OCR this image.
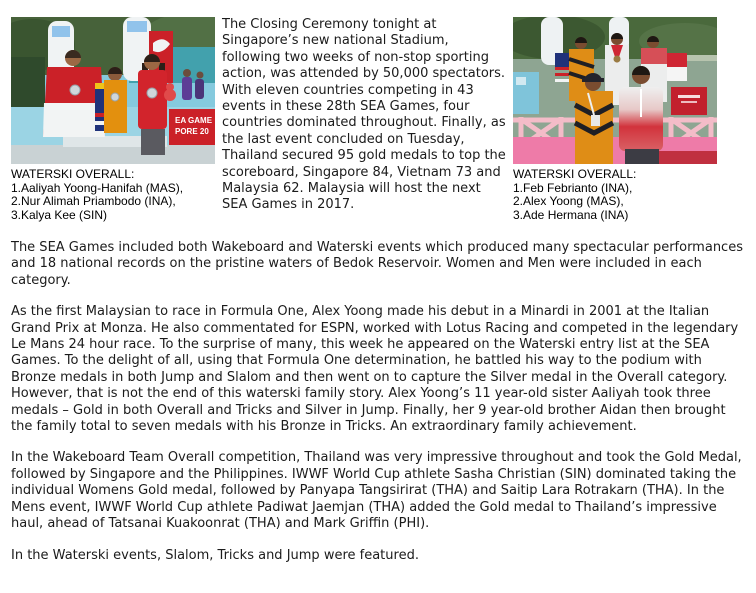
EA GAME
PORE 20
WATERSKI OVERALL:
1.Aaliyah Yoong-Hanifah (MAS),
2.Nur Alimah Priambodo (INA),
3.Kalya Kee (SIN)
The Closing Ceremony tonight at Singapore’s new national Stadium, following two weeks of non-stop sporting action, was attended by 50,000 spectators. With eleven countries competing in 43 events in these 28th SEA Games, four countries dominated throughout. Finally, as the last event concluded on Tuesday, Thailand secured 95 gold medals to top the scoreboard, Singapore 84, Vietnam 73 and Malaysia 62. Malaysia will host the next SEA Games in 2017.
WATERSKI OVERALL:
1.Feb Febrianto (INA),
2.Alex Yoong (MAS),
3.Ade Hermana (INA)

The SEA Games included both Wakeboard and Waterski events which produced many spectacular performances and 18 national records on the pristine waters of Bedok Reservoir. Women and Men were included in each category.

As the first Malaysian to race in Formula One, Alex Yoong made his debut in a Minardi in 2001 at the Italian Grand Prix at Monza. He also commentated for ESPN, worked with Lotus Racing and competed in the legendary Le Mans 24 hour race. To the surprise of many, this week he appeared on the Waterski entry list at the SEA Games. To the delight of all, using that Formula One determination, he battled his way to the podium with Bronze medals in both Jump and Slalom and then went on to capture the Silver medal in the Overall category. However, that is not the end of this waterski family story. Alex Yoong’s 11 year-old sister Aaliyah took three medals – Gold in both Overall and Tricks and Silver in Jump. Finally, her 9 year-old brother Aidan then brought the family total to seven medals with his Bronze in Tricks. An extraordinary family achievement.

In the Wakeboard Team Overall competition, Thailand was very impressive throughout and took the Gold Medal, followed by Singapore and the Philippines. IWWF World Cup athlete Sasha Christian (SIN) dominated taking the individual Womens Gold medal, followed by Panyapa Tangsirirat (THA) and Saitip Lara Rotrakarn (THA). In the Mens event, IWWF World Cup athlete Padiwat Jaemjan (THA) added the Gold medal to Thailand’s impressive haul, ahead of Tatsanai Kuakoonrat (THA) and Mark Griffin (PHI).

In the Waterski events, Slalom, Tricks and Jump were featured.
